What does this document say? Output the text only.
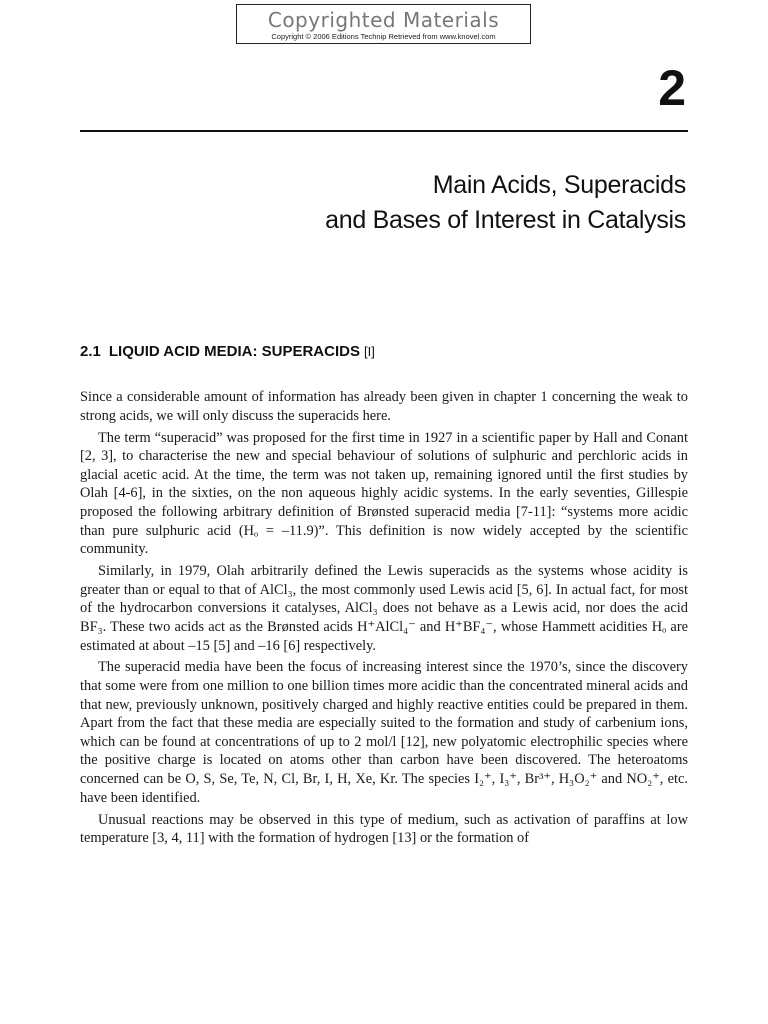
Copyrighted Materials
Copyright © 2006 Editions Technip Retrieved from www.knovel.com
2
Main Acids, Superacids
and Bases of Interest in Catalysis
2.1 LIQUID ACID MEDIA: SUPERACIDS [I]

Since a considerable amount of information has already been given in chapter 1 concerning the weak to strong acids, we will only discuss the superacids here.

The term “superacid” was proposed for the first time in 1927 in a scientific paper by Hall and Conant [2, 3], to characterise the new and special behaviour of solutions of sulphuric and perchloric acids in glacial acetic acid. At the time, the term was not taken up, remaining ignored until the first studies by Olah [4-6], in the sixties, on the non aqueous highly acidic systems. In the early seventies, Gillespie proposed the following arbitrary definition of Brønsted superacid media [7-11]: “systems more acidic than pure sulphuric acid (Hₒ = –11.9)”. This definition is now widely accepted by the scientific community.

Similarly, in 1979, Olah arbitrarily defined the Lewis superacids as the systems whose acidity is greater than or equal to that of AlCl₃, the most commonly used Lewis acid [5, 6]. In actual fact, for most of the hydrocarbon conversions it catalyses, AlCl₃ does not behave as a Lewis acid, nor does the acid BF₃. These two acids act as the Brønsted acids H⁺AlCl₄⁻ and H⁺BF₄⁻, whose Hammett acidities Hₒ are estimated at about –15 [5] and –16 [6] respectively.

The superacid media have been the focus of increasing interest since the 1970’s, since the discovery that some were from one million to one billion times more acidic than the concentrated mineral acids and that new, previously unknown, positively charged and highly reactive entities could be prepared in them. Apart from the fact that these media are especially suited to the formation and study of carbenium ions, which can be found at concentrations of up to 2 mol/l [12], new polyatomic electrophilic species where the positive charge is located on atoms other than carbon have been discovered. The heteroatoms concerned can be O, S, Se, Te, N, Cl, Br, I, H, Xe, Kr. The species I₂⁺, I₃⁺, Br³⁺, H₃O₂⁺ and NO₂⁺, etc. have been identified.

Unusual reactions may be observed in this type of medium, such as activation of paraffins at low temperature [3, 4, 11] with the formation of hydrogen [13] or the formation of
